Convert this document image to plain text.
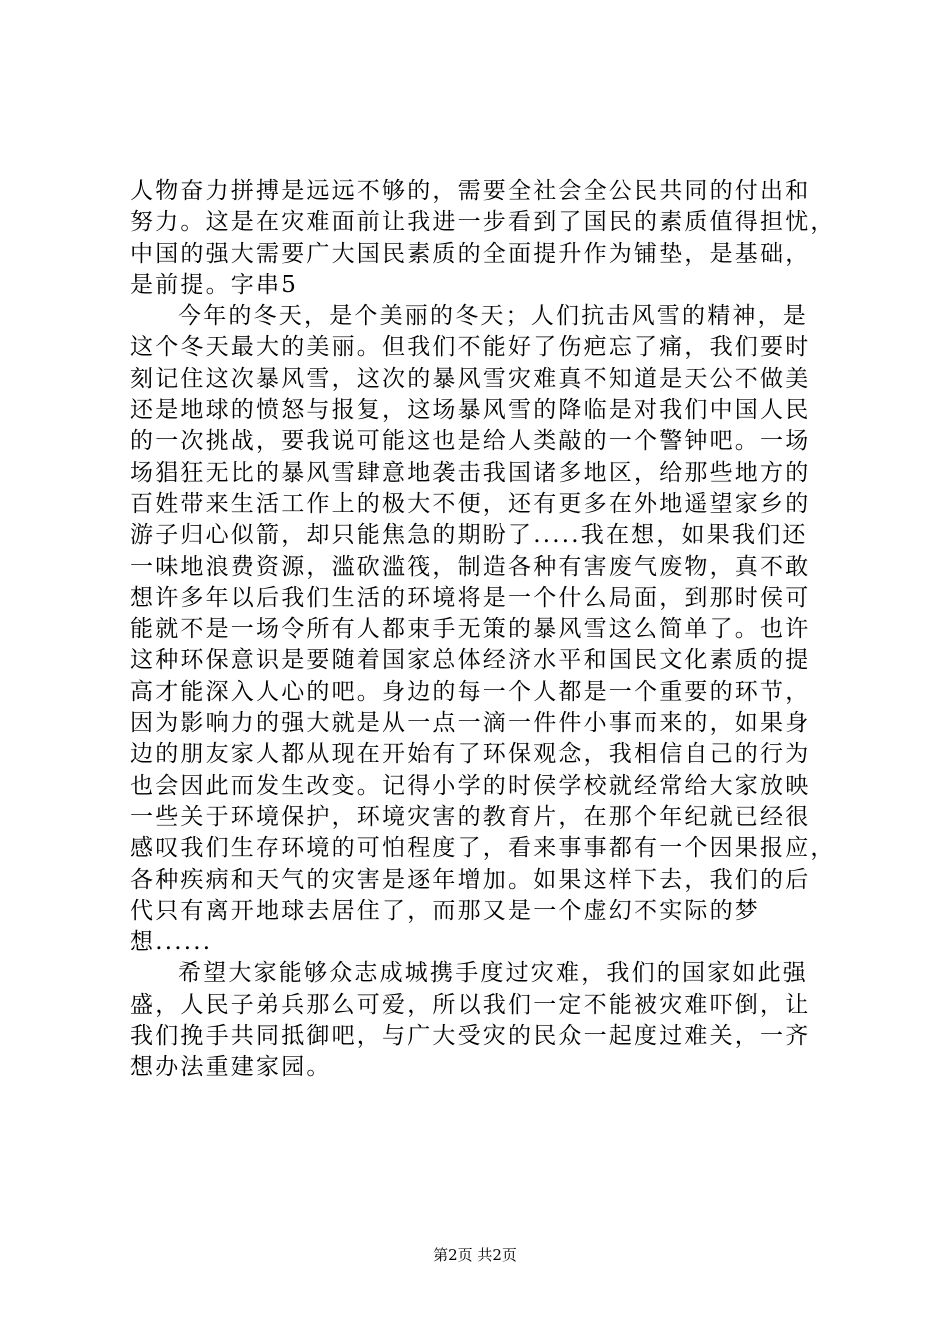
人物奋力拼搏是远远不够的，需要全社会全公民共同的付出和
努力。这是在灾难面前让我进一步看到了国民的素质值得担忧，
中国的强大需要广大国民素质的全面提升作为铺垫，是基础，
是前提。字串5
今年的冬天，是个美丽的冬天；人们抗击风雪的精神，是
这个冬天最大的美丽。但我们不能好了伤疤忘了痛，我们要时
刻记住这次暴风雪，这次的暴风雪灾难真不知道是天公不做美
还是地球的愤怒与报复，这场暴风雪的降临是对我们中国人民
的一次挑战，要我说可能这也是给人类敲的一个警钟吧。一场
场猖狂无比的暴风雪肆意地袭击我国诸多地区，给那些地方的
百姓带来生活工作上的极大不便，还有更多在外地遥望家乡的
游子归心似箭，却只能焦急的期盼了.....我在想，如果我们还
一味地浪费资源，滥砍滥筏，制造各种有害废气废物，真不敢
想许多年以后我们生活的环境将是一个什么局面，到那时侯可
能就不是一场令所有人都束手无策的暴风雪这么简单了。也许
这种环保意识是要随着国家总体经济水平和国民文化素质的提
高才能深入人心的吧。身边的每一个人都是一个重要的环节，
因为影响力的强大就是从一点一滴一件件小事而来的，如果身
边的朋友家人都从现在开始有了环保观念，我相信自己的行为
也会因此而发生改变。记得小学的时侯学校就经常给大家放映
一些关于环境保护，环境灾害的教育片，在那个年纪就已经很
感叹我们生存环境的可怕程度了，看来事事都有一个因果报应，
各种疾病和天气的灾害是逐年增加。如果这样下去，我们的后
代只有离开地球去居住了，而那又是一个虚幻不实际的梦
想......
希望大家能够众志成城携手度过灾难，我们的国家如此强
盛，人民子弟兵那么可爱，所以我们一定不能被灾难吓倒，让
我们挽手共同抵御吧，与广大受灾的民众一起度过难关，一齐
想办法重建家园。
第2页 共2页
